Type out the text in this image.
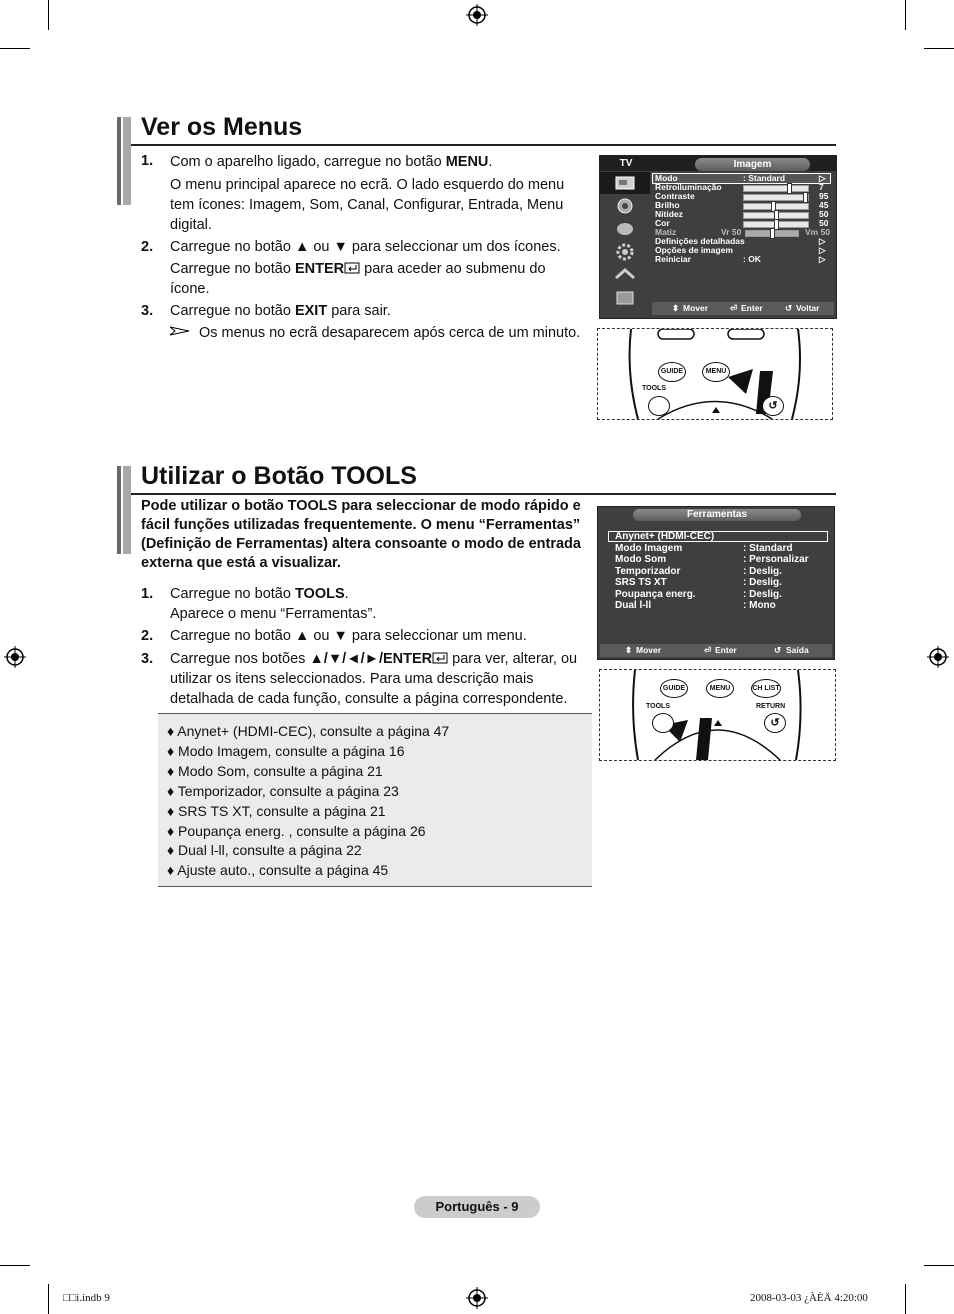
Ver os Menus
1. Com o aparelho ligado, carregue no botão MENU.
O menu principal aparece no ecrã. O lado esquerdo do menu tem ícones: Imagem, Som, Canal, Configurar, Entrada, Menu digital.
2. Carregue no botão ▲ ou ▼ para seleccionar um dos ícones.
Carregue no botão ENTER para aceder ao submenu do ícone.
3. Carregue no botão EXIT para sair.
Os menus no ecrã desaparecem após cerca de um minuto.
TV	Imagem
Modo	: Standard	▷
Retroiluminação	7
Contraste	95
Brilho	45
Nitidez	50
Cor	50
Matiz	Vr 50	Vm 50
Definições detalhadas	▷
Opções de imagem	▷
Reiniciar	: OK	▷
⬍ Mover	⏎ Enter	↺ Voltar
GUIDE	MENU
TOOLS
↺
Utilizar o Botão TOOLS
Pode utilizar o botão TOOLS para seleccionar de modo rápido e fácil funções utilizadas frequentemente. O menu “Ferramentas” (Definição de Ferramentas) altera consoante o modo de entrada externa que está a visualizar.
1. Carregue no botão TOOLS.
Aparece o menu “Ferramentas”.
2. Carregue no botão ▲ ou ▼ para seleccionar um menu.
3. Carregue nos botões ▲/▼/◄/►/ENTER para ver, alterar, ou utilizar os itens seleccionados. Para uma descrição mais detalhada de cada função, consulte a página correspondente.
♦ Anynet+ (HDMI-CEC), consulte a página 47
♦ Modo Imagem, consulte a página 16
♦ Modo Som, consulte a página 21
♦ Temporizador, consulte a página 23
♦ SRS TS XT, consulte a página 21
♦ Poupança energ. , consulte a página 26
♦ Dual l-ll, consulte a página 22
♦ Ajuste auto., consulte a página 45
Ferramentas
Anynet+ (HDMI-CEC)
Modo Imagem	: Standard
Modo Som	: Personalizar
Temporizador	: Deslig.
SRS TS XT	: Deslig.
Poupança energ.	: Deslig.
Dual l-ll	: Mono
⬍ Mover	⏎ Enter	↺ Saída
GUIDE	MENU	CH LIST
TOOLS	RETURN
↺
Português - 9
□□i.indb 9	2008-03-03 ¿ÀÈÄ 4:20:00
